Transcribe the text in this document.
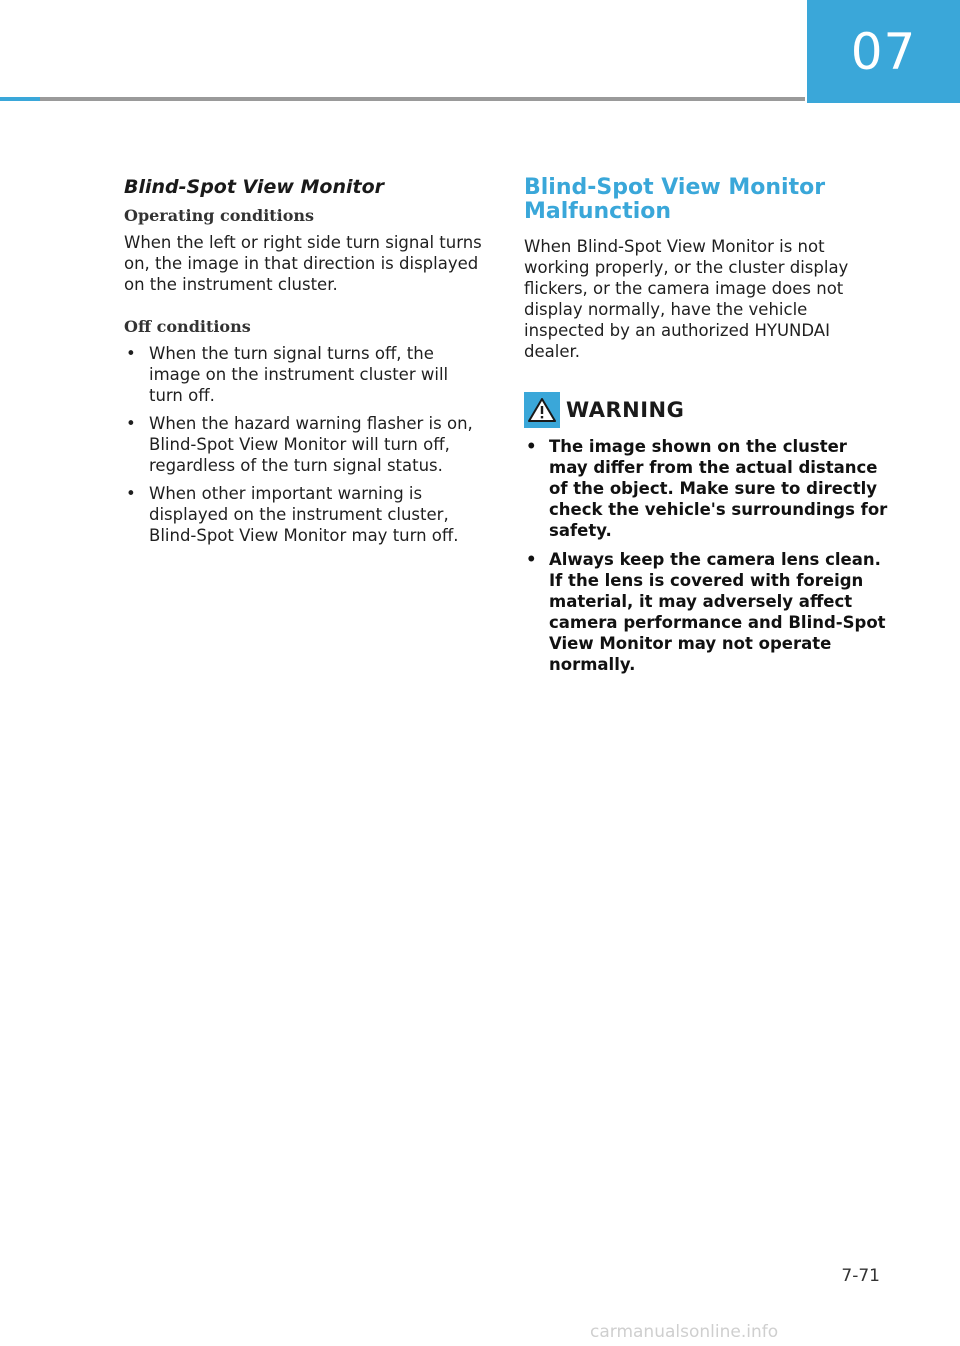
07
Blind-Spot View Monitor
Operating conditions

When the left or right side turn signal turns on, the image in that direction is displayed on the instrument cluster.

Off conditions
• When the turn signal turns off, the image on the instrument cluster will turn off.
• When the hazard warning flasher is on, Blind-Spot View Monitor will turn off, regardless of the turn signal status.
• When other important warning is displayed on the instrument cluster, Blind-Spot View Monitor may turn off.
Blind-Spot View Monitor Malfunction

When Blind-Spot View Monitor is not working properly, or the cluster display flickers, or the camera image does not display normally, have the vehicle inspected by an authorized HYUNDAI dealer.

WARNING
• The image shown on the cluster may differ from the actual distance of the object. Make sure to directly check the vehicle's surroundings for safety.
• Always keep the camera lens clean. If the lens is covered with foreign material, it may adversely affect camera performance and Blind-Spot View Monitor may not operate normally.
7-71
carmanualsonline.info
